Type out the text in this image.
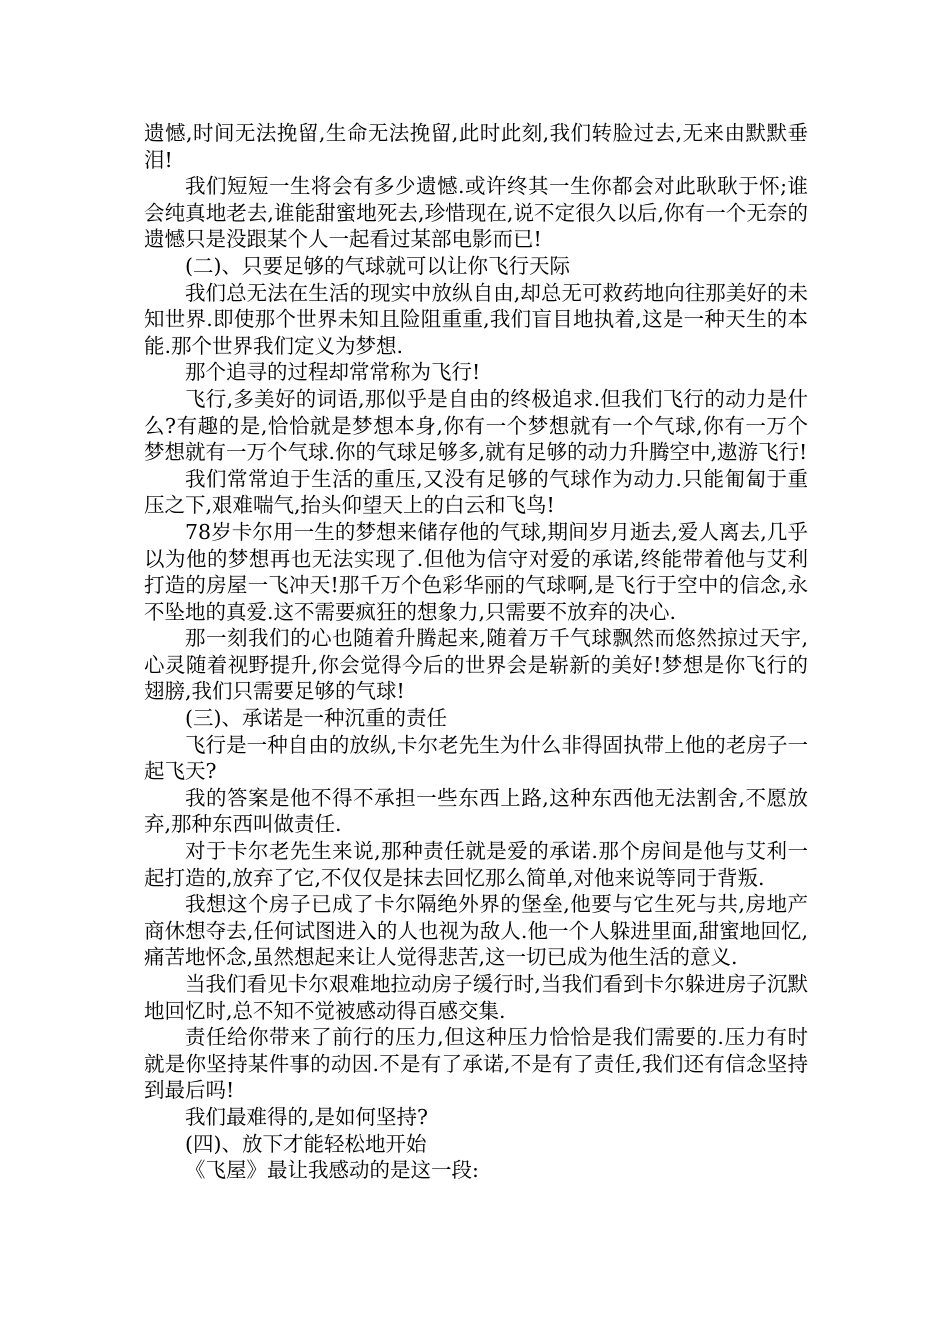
遗憾,时间无法挽留,生命无法挽留,此时此刻,我们转脸过去,无来由默默垂泪!

我们短短一生将会有多少遗憾.或许终其一生你都会对此耿耿于怀;谁会纯真地老去,谁能甜蜜地死去,珍惜现在,说不定很久以后,你有一个无奈的遗憾只是没跟某个人一起看过某部电影而已!

(二)、只要足够的气球就可以让你飞行天际

我们总无法在生活的现实中放纵自由,却总无可救药地向往那美好的未知世界.即使那个世界未知且险阻重重,我们盲目地执着,这是一种天生的本能.那个世界我们定义为梦想.

那个追寻的过程却常常称为飞行!

飞行,多美好的词语,那似乎是自由的终极追求.但我们飞行的动力是什么?有趣的是,恰恰就是梦想本身,你有一个梦想就有一个气球,你有一万个梦想就有一万个气球.你的气球足够多,就有足够的动力升腾空中,遨游飞行!

我们常常迫于生活的重压,又没有足够的气球作为动力.只能匍匐于重压之下,艰难喘气,抬头仰望天上的白云和飞鸟!

78岁卡尔用一生的梦想来储存他的气球,期间岁月逝去,爱人离去,几乎以为他的梦想再也无法实现了.但他为信守对爱的承诺,终能带着他与艾利打造的房屋一飞冲天!那千万个色彩华丽的气球啊,是飞行于空中的信念,永不坠地的真爱.这不需要疯狂的想象力,只需要不放弃的决心.

那一刻我们的心也随着升腾起来,随着万千气球飘然而悠然掠过天宇,心灵随着视野提升,你会觉得今后的世界会是崭新的美好!梦想是你飞行的翅膀,我们只需要足够的气球!

(三)、承诺是一种沉重的责任

飞行是一种自由的放纵,卡尔老先生为什么非得固执带上他的老房子一起飞天?

我的答案是他不得不承担一些东西上路,这种东西他无法割舍,不愿放弃,那种东西叫做责任.

对于卡尔老先生来说,那种责任就是爱的承诺.那个房间是他与艾利一起打造的,放弃了它,不仅仅是抹去回忆那么简单,对他来说等同于背叛.

我想这个房子已成了卡尔隔绝外界的堡垒,他要与它生死与共,房地产商休想夺去,任何试图进入的人也视为敌人.他一个人躲进里面,甜蜜地回忆,痛苦地怀念,虽然想起来让人觉得悲苦,这一切已成为他生活的意义.

当我们看见卡尔艰难地拉动房子缓行时,当我们看到卡尔躲进房子沉默地回忆时,总不知不觉被感动得百感交集.

责任给你带来了前行的压力,但这种压力恰恰是我们需要的.压力有时就是你坚持某件事的动因.不是有了承诺,不是有了责任,我们还有信念坚持到最后吗!

我们最难得的,是如何坚持?

(四)、放下才能轻松地开始

《飞屋》最让我感动的是这一段:
